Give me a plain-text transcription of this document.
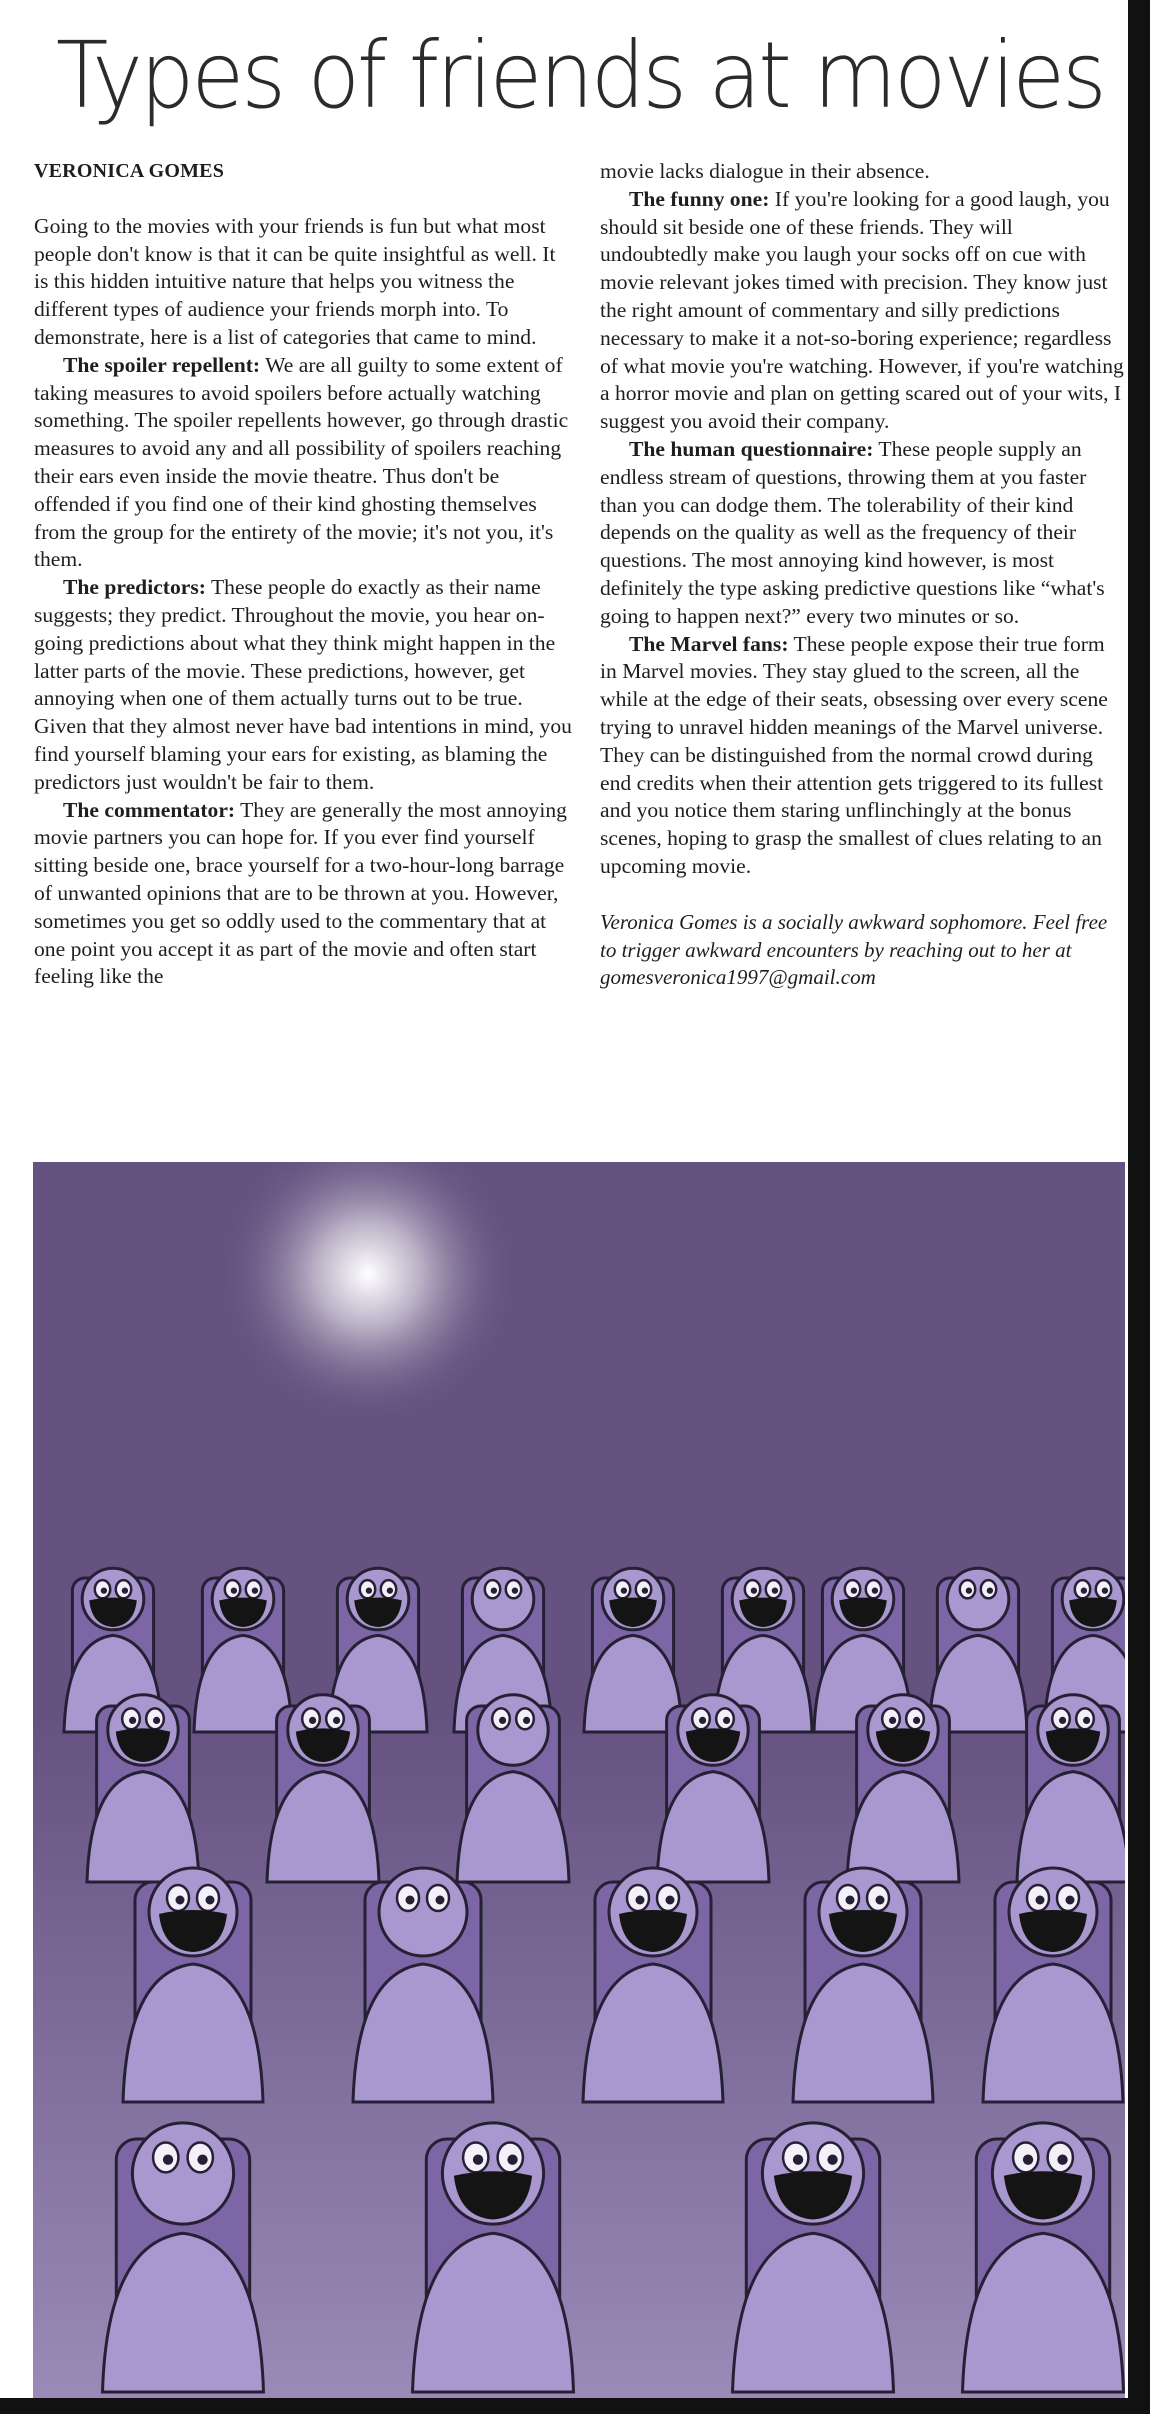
Types of friends at movies

VERONICA GOMES

Going to the movies with your friends is fun but what most people don't know is that it can be quite insightful as well. It is this hidden intuitive nature that helps you witness the different types of audience your friends morph into. To demonstrate, here is a list of categories that came to mind.

The spoiler repellent: We are all guilty to some extent of taking measures to avoid spoilers before actually watching something. The spoiler repellents however, go through drastic measures to avoid any and all possibility of spoilers reaching their ears even inside the movie theatre. Thus don't be offended if you find one of their kind ghosting themselves from the group for the entirety of the movie; it's not you, it's them.

The predictors: These people do exactly as their name suggests; they predict. Throughout the movie, you hear on-going predictions about what they think might happen in the latter parts of the movie. These predictions, however, get annoying when one of them actually turns out to be true. Given that they almost never have bad intentions in mind, you find yourself blaming your ears for existing, as blaming the predictors just wouldn't be fair to them.

The commentator: They are generally the most annoying movie partners you can hope for. If you ever find yourself sitting beside one, brace yourself for a two-hour-long barrage of unwanted opinions that are to be thrown at you. However, sometimes you get so oddly used to the commentary that at one point you accept it as part of the movie and often start feeling like the

movie lacks dialogue in their absence.

The funny one: If you're looking for a good laugh, you should sit beside one of these friends. They will undoubtedly make you laugh your socks off on cue with movie relevant jokes timed with precision. They know just the right amount of commentary and silly predictions necessary to make it a not-so-boring experience; regardless of what movie you're watching. However, if you're watching a horror movie and plan on getting scared out of your wits, I suggest you avoid their company.

The human questionnaire: These people supply an endless stream of questions, throwing them at you faster than you can dodge them. The tolerability of their kind depends on the quality as well as the frequency of their questions. The most annoying kind however, is most definitely the type asking predictive questions like “what's going to happen next?” every two minutes or so.

The Marvel fans: These people expose their true form in Marvel movies. They stay glued to the screen, all the while at the edge of their seats, obsessing over every scene trying to unravel hidden meanings of the Marvel universe. They can be distinguished from the normal crowd during end credits when their attention gets triggered to its fullest and you notice them staring unflinchingly at the bonus scenes, hoping to grasp the smallest of clues relating to an upcoming movie.

Veronica Gomes is a socially awkward sophomore. Feel free to trigger awkward encounters by reaching out to her at gomesveronica1997@gmail.com
